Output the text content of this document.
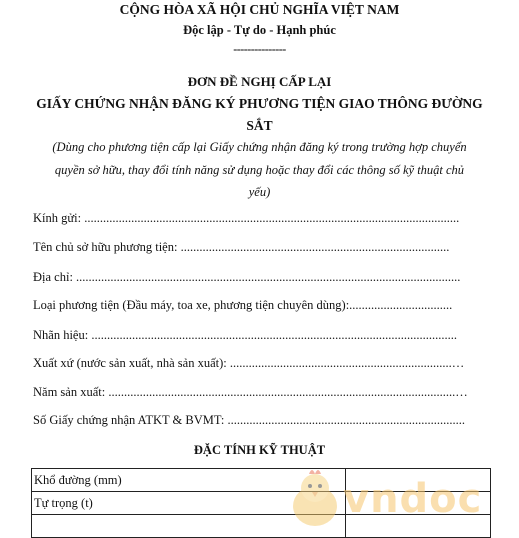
CỘNG HÒA XÃ HỘI CHỦ NGHĨA VIỆT NAM
Độc lập - Tự do - Hạnh phúc
---------------
ĐƠN ĐỀ NGHỊ CẤP LẠI
GIẤY CHỨNG NHẬN ĐĂNG KÝ PHƯƠNG TIỆN GIAO THÔNG ĐƯỜNG
SẮT
(Dùng cho phương tiện cấp lại Giấy chứng nhận đăng ký trong trường hợp chuyển
quyền sở hữu, thay đổi tính năng sử dụng hoặc thay đổi các thông số kỹ thuật chủ
yếu)
Kính gửi: ........................................................................................................................
Tên chủ sở hữu phương tiện: ......................................................................................
Địa chỉ: ...........................................................................................................................
Loại phương tiện (Đầu máy, toa xe, phương tiện chuyên dùng):.................................
Nhãn hiệu: .....................................................................................................................
Xuất xứ (nước sản xuất, nhà sản xuất): .......................................................................…
Năm sản xuất: ...............................................................................................................…
Số Giấy chứng nhận ATKT & BVMT: ............................................................................
ĐẶC TÍNH KỸ THUẬT
Khổ đường (mm)	
Tự trọng (t)	
		vndoc
